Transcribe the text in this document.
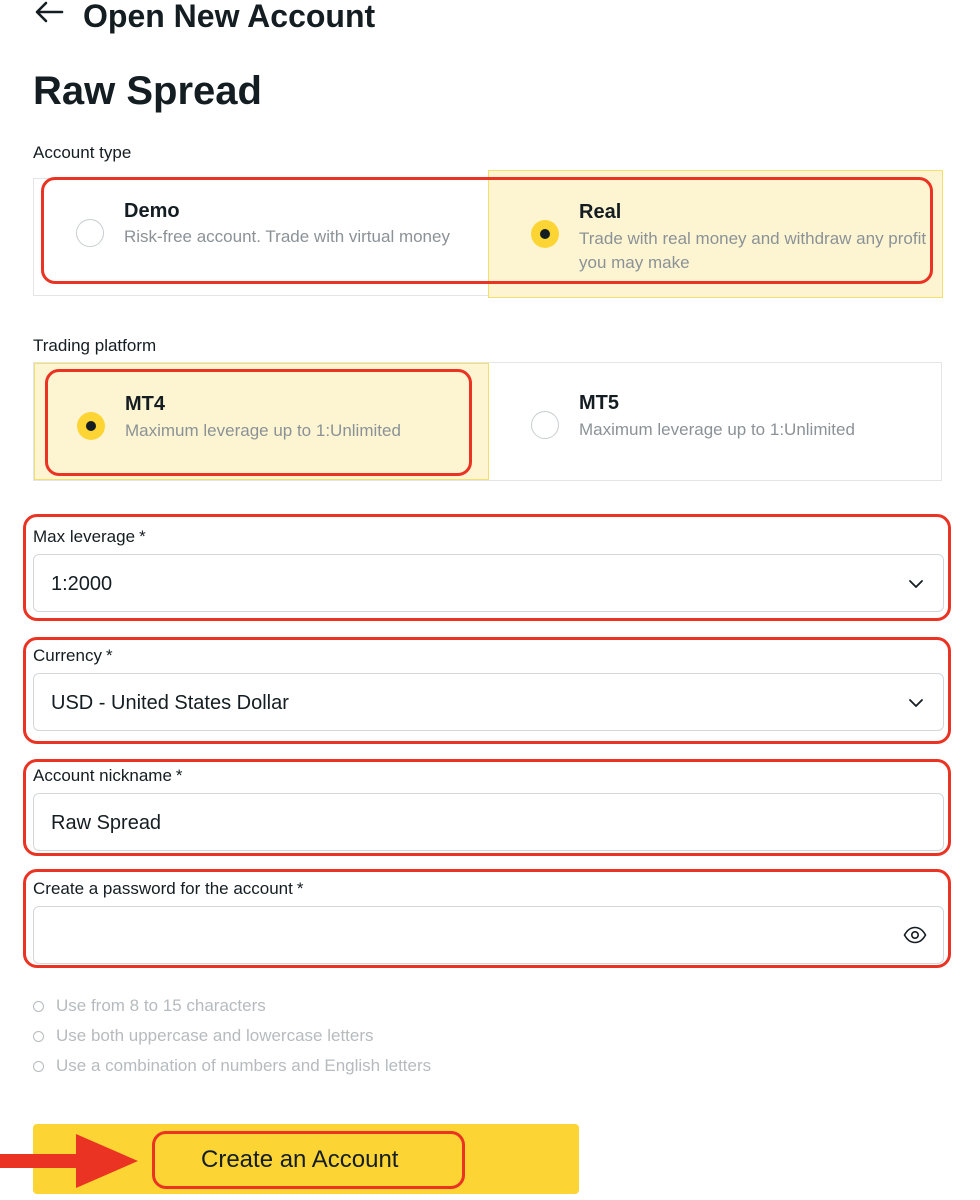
Open New Account
Raw Spread
Account type
Demo
Risk-free account. Trade with virtual money
Real
Trade with real money and withdraw any profit you may make
Trading platform
MT4
Maximum leverage up to 1:Unlimited
MT5
Maximum leverage up to 1:Unlimited
Max leverage *
1:2000
Currency *
USD - United States Dollar
Account nickname *
Raw Spread
Create a password for the account *
Use from 8 to 15 characters
Use both uppercase and lowercase letters
Use a combination of numbers and English letters
Create an Account
